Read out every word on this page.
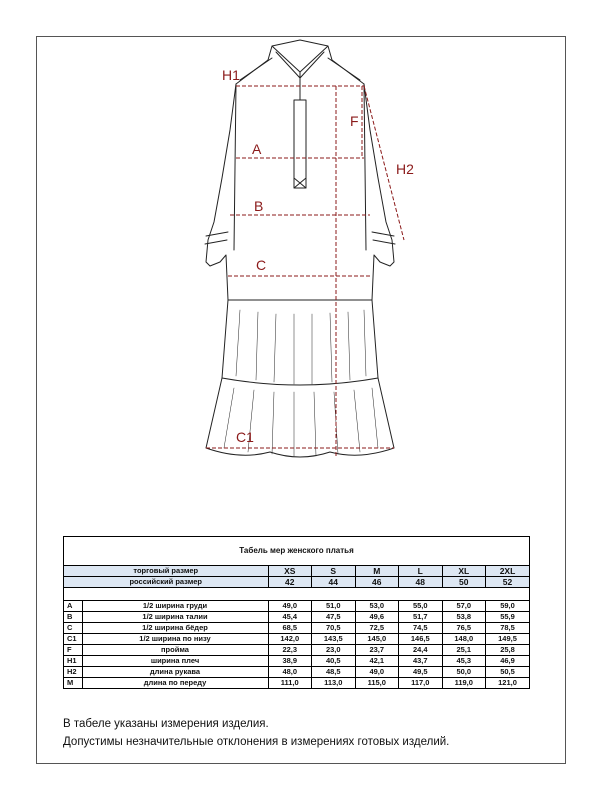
H1
F
H2
A
B
C
C1
Табель мер женского платья
торговый размер		XS	S	M	L	XL	2XL
российский размер		42	44	46	48	50	52

A	1/2 ширина груди	49,0	51,0	53,0	55,0	57,0	59,0
B	1/2 ширина талии	45,4	47,5	49,6	51,7	53,8	55,9
C	1/2 ширина бёдер	68,5	70,5	72,5	74,5	76,5	78,5
C1	1/2 ширина по низу	142,0	143,5	145,0	146,5	148,0	149,5
F	пройма	22,3	23,0	23,7	24,4	25,1	25,8
H1	ширина плеч	38,9	40,5	42,1	43,7	45,3	46,9
H2	длина рукава	48,0	48,5	49,0	49,5	50,0	50,5
M	длина по переду	111,0	113,0	115,0	117,0	119,0	121,0
В табеле указаны измерения изделия.
Допустимы незначительные отклонения в измерениях готовых изделий.
